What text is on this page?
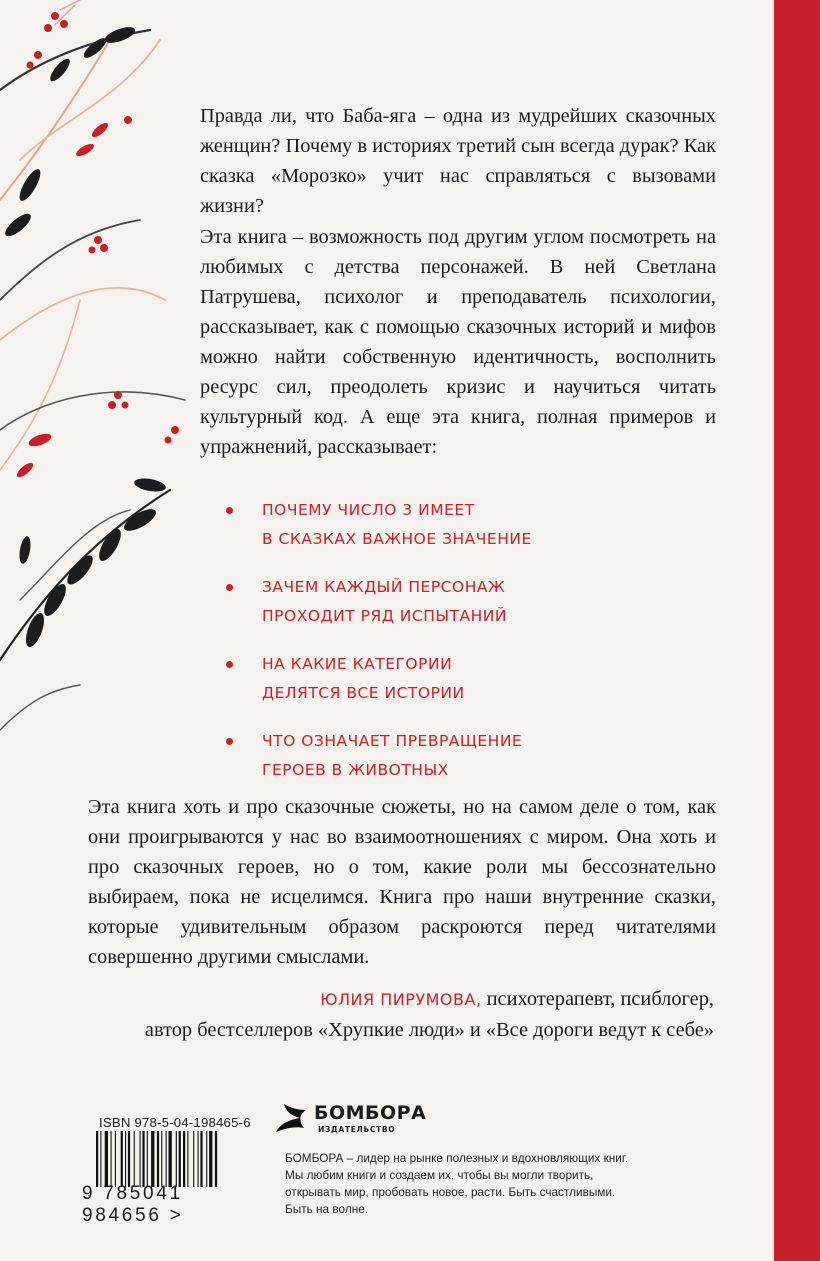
Правда ли, что Баба-яга – одна из мудрейших сказочных женщин? Почему в историях третий сын всегда дурак? Как сказка «Морозко» учит нас справляться с вызовами жизни?
Эта книга – возможность под другим углом посмотреть на любимых с детства персонажей. В ней Светлана Патрушева, психолог и преподаватель психологии, рассказывает, как с помощью сказочных историй и мифов можно найти собственную идентичность, восполнить ресурс сил, преодолеть кризис и научиться читать культурный код. А еще эта книга, полная примеров и упражнений, рассказывает:
ПОЧЕМУ ЧИСЛО 3 ИМЕЕТ
В СКАЗКАХ ВАЖНОЕ ЗНАЧЕНИЕ
ЗАЧЕМ КАЖДЫЙ ПЕРСОНАЖ
ПРОХОДИТ РЯД ИСПЫТАНИЙ
НА КАКИЕ КАТЕГОРИИ
ДЕЛЯТСЯ ВСЕ ИСТОРИИ
ЧТО ОЗНАЧАЕТ ПРЕВРАЩЕНИЕ
ГЕРОЕВ В ЖИВОТНЫХ
Эта книга хоть и про сказочные сюжеты, но на самом деле о том, как они проигрываются у нас во взаимоотношениях с миром. Она хоть и про сказочных героев, но о том, какие роли мы бессознательно выбираем, пока не исцелимся. Книга про наши внутренние сказки, которые удивительным образом раскроются перед читателями совершенно другими смыслами.
ЮЛИЯ ПИРУМОВА, психотерапевт, псиблогер,
автор бестселлеров «Хрупкие люди» и «Все дороги ведут к себе»
ISBN 978-5-04-198465-6
9 785041 984656 >
БОМБОРА
ИЗДАТЕЛЬСТВО
БОМБОРА – лидер на рынке полезных и вдохновляющих книг. Мы любим книги и создаем их, чтобы вы могли творить, открывать мир, пробовать новое, расти. Быть счастливыми. Быть на волне.
